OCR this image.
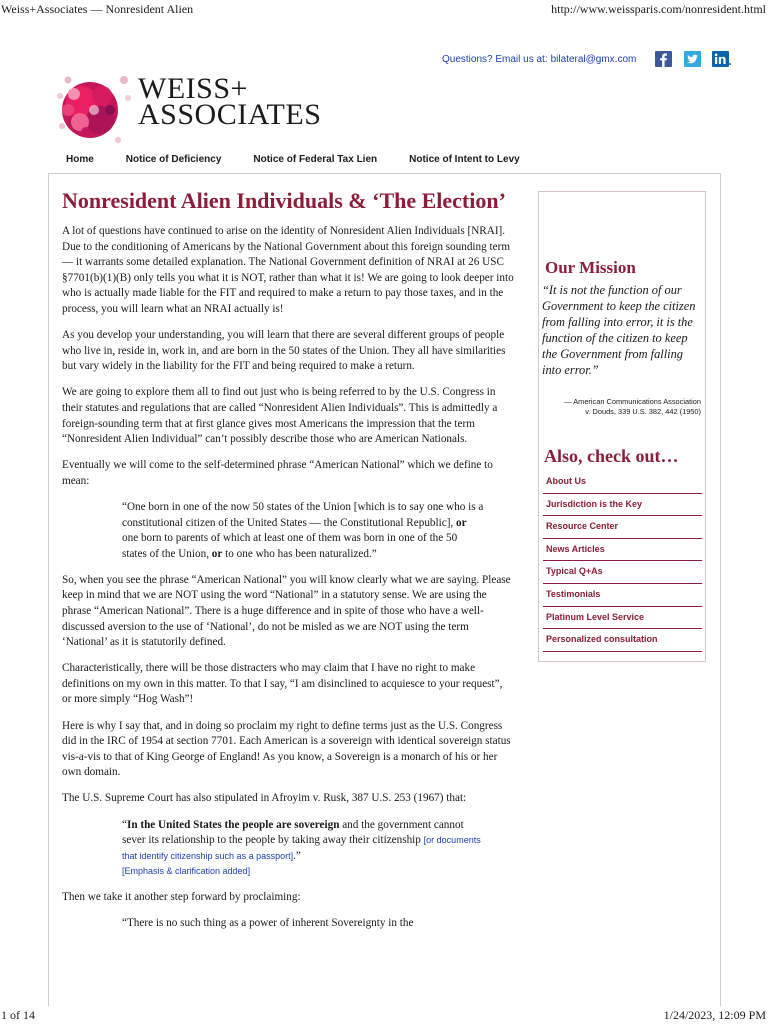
Weiss+Associates — Nonresident Alien	http://www.weissparis.com/nonresident.html
Questions? Email us at: bilateral@gmx.com
WEISS+
ASSOCIATES
Home	Notice of Deficiency	Notice of Federal Tax Lien	Notice of Intent to Levy
Nonresident Alien Individuals & ‘The Election’

A lot of questions have continued to arise on the identity of Nonresident Alien Individuals [NRAI]. Due to the conditioning of Americans by the National Government about this foreign sounding term — it warrants some detailed explanation. The National Government definition of NRAI at 26 USC §7701(b)(1)(B) only tells you what it is NOT, rather than what it is! We are going to look deeper into who is actually made liable for the FIT and required to make a return to pay those taxes, and in the process, you will learn what an NRAI actually is!

As you develop your understanding, you will learn that there are several different groups of people who live in, reside in, work in, and are born in the 50 states of the Union. They all have similarities but vary widely in the liability for the FIT and being required to make a return.

We are going to explore them all to find out just who is being referred to by the U.S. Congress in their statutes and regulations that are called “Nonresident Alien Individuals”. This is admittedly a foreign-sounding term that at first glance gives most Americans the impression that the term “Nonresident Alien Individual” can’t possibly describe those who are American Nationals.

Eventually we will come to the self-determined phrase “American National” which we define to mean:

“One born in one of the now 50 states of the Union [which is to say one who is a constitutional citizen of the United States — the Constitutional Republic], or one born to parents of which at least one of them was born in one of the 50 states of the Union, or to one who has been naturalized.”

So, when you see the phrase “American National” you will know clearly what we are saying. Please keep in mind that we are NOT using the word “National” in a statutory sense. We are using the phrase “American National”. There is a huge difference and in spite of those who have a well-discussed aversion to the use of ‘National’, do not be misled as we are NOT using the term ‘National’ as it is statutorily defined.

Characteristically, there will be those distracters who may claim that I have no right to make definitions on my own in this matter. To that I say, “I am disinclined to acquiesce to your request”, or more simply “Hog Wash”!

Here is why I say that, and in doing so proclaim my right to define terms just as the U.S. Congress did in the IRC of 1954 at section 7701. Each American is a sovereign with identical sovereign status vis-a-vis to that of King George of England! As you know, a Sovereign is a monarch of his or her own domain.

The U.S. Supreme Court has also stipulated in Afroyim v. Rusk, 387 U.S. 253 (1967) that:

“In the United States the people are sovereign and the government cannot sever its relationship to the people by taking away their citizenship [or documents that identify citizenship such as a passport].”
[Emphasis & clarification added]

Then we take it another step forward by proclaiming:

“There is no such thing as a power of inherent Sovereignty in the
Our Mission
“It is not the function of our Government to keep the citizen from falling into error, it is the function of the citizen to keep the Government from falling into error.”
— American Communications Association
v. Douds, 339 U.S. 382, 442 (1950)
Also, check out…
About Us
Jurisdiction is the Key
Resource Center
News Articles
Typical Q+As
Testimonials
Platinum Level Service
Personalized consultation
1 of 14	1/24/2023, 12:09 PM
